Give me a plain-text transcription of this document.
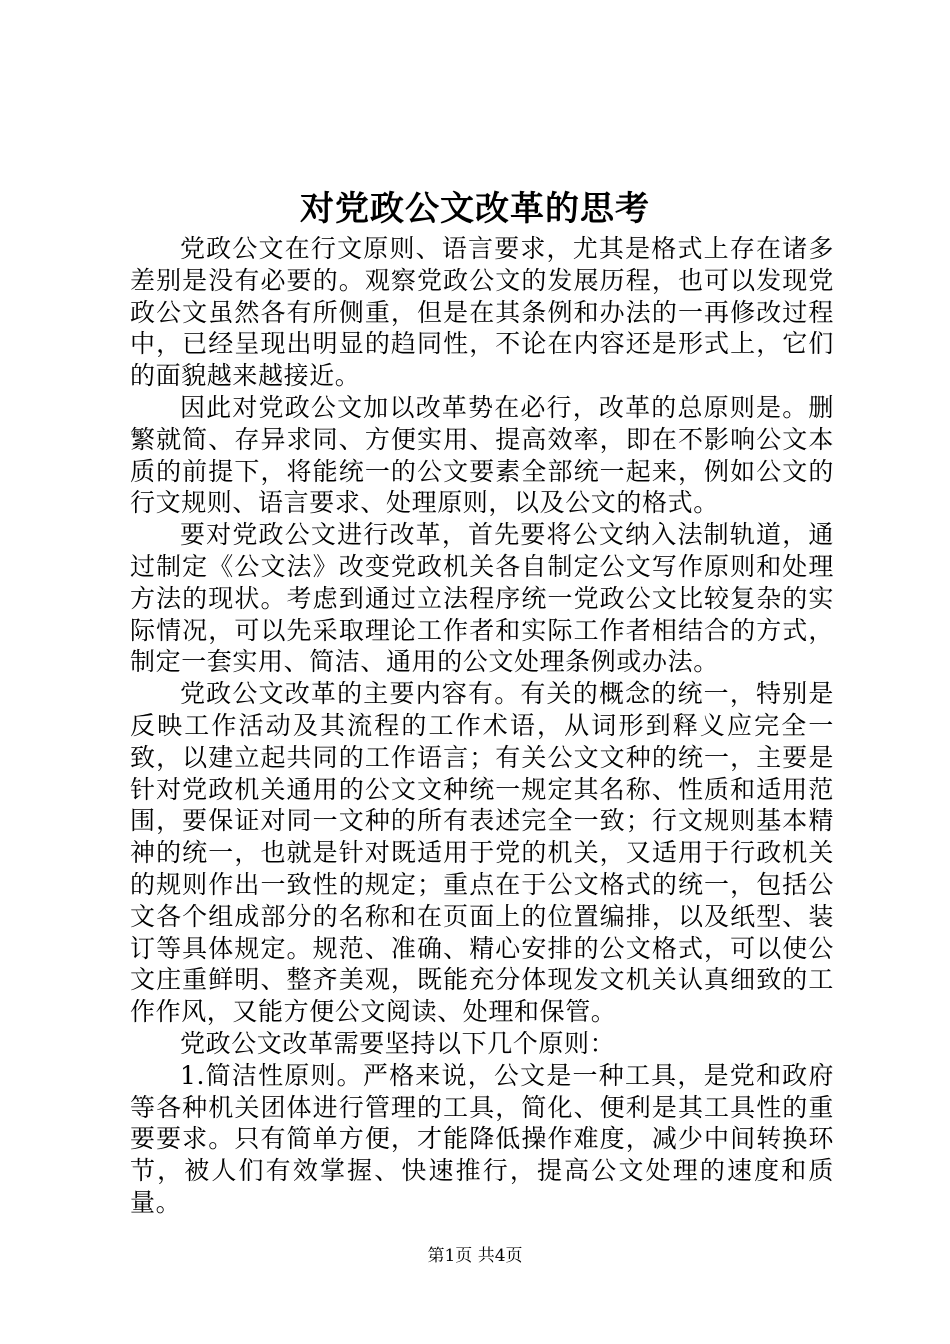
对党政公文改革的思考

党政公文在行文原则、语言要求，尤其是格式上存在诸多差别是没有必要的。观察党政公文的发展历程，也可以发现党政公文虽然各有所侧重，但是在其条例和办法的一再修改过程中，已经呈现出明显的趋同性，不论在内容还是形式上，它们的面貌越来越接近。

因此对党政公文加以改革势在必行，改革的总原则是。删繁就简、存异求同、方便实用、提高效率，即在不影响公文本质的前提下，将能统一的公文要素全部统一起来，例如公文的行文规则、语言要求、处理原则，以及公文的格式。

要对党政公文进行改革，首先要将公文纳入法制轨道，通过制定《公文法》改变党政机关各自制定公文写作原则和处理方法的现状。考虑到通过立法程序统一党政公文比较复杂的实际情况，可以先采取理论工作者和实际工作者相结合的方式，制定一套实用、简洁、通用的公文处理条例或办法。

党政公文改革的主要内容有。有关的概念的统一，特别是反映工作活动及其流程的工作术语，从词形到释义应完全一致，以建立起共同的工作语言；有关公文文种的统一，主要是针对党政机关通用的公文文种统一规定其名称、性质和适用范围，要保证对同一文种的所有表述完全一致；行文规则基本精神的统一，也就是针对既适用于党的机关，又适用于行政机关的规则作出一致性的规定；重点在于公文格式的统一，包括公文各个组成部分的名称和在页面上的位置编排，以及纸型、装订等具体规定。规范、准确、精心安排的公文格式，可以使公文庄重鲜明、整齐美观，既能充分体现发文机关认真细致的工作作风，又能方便公文阅读、处理和保管。

党政公文改革需要坚持以下几个原则：

1.简洁性原则。严格来说，公文是一种工具，是党和政府等各种机关团体进行管理的工具，简化、便利是其工具性的重要要求。只有简单方便，才能降低操作难度，减少中间转换环节，被人们有效掌握、快速推行，提高公文处理的速度和质量。

第1页 共4页
